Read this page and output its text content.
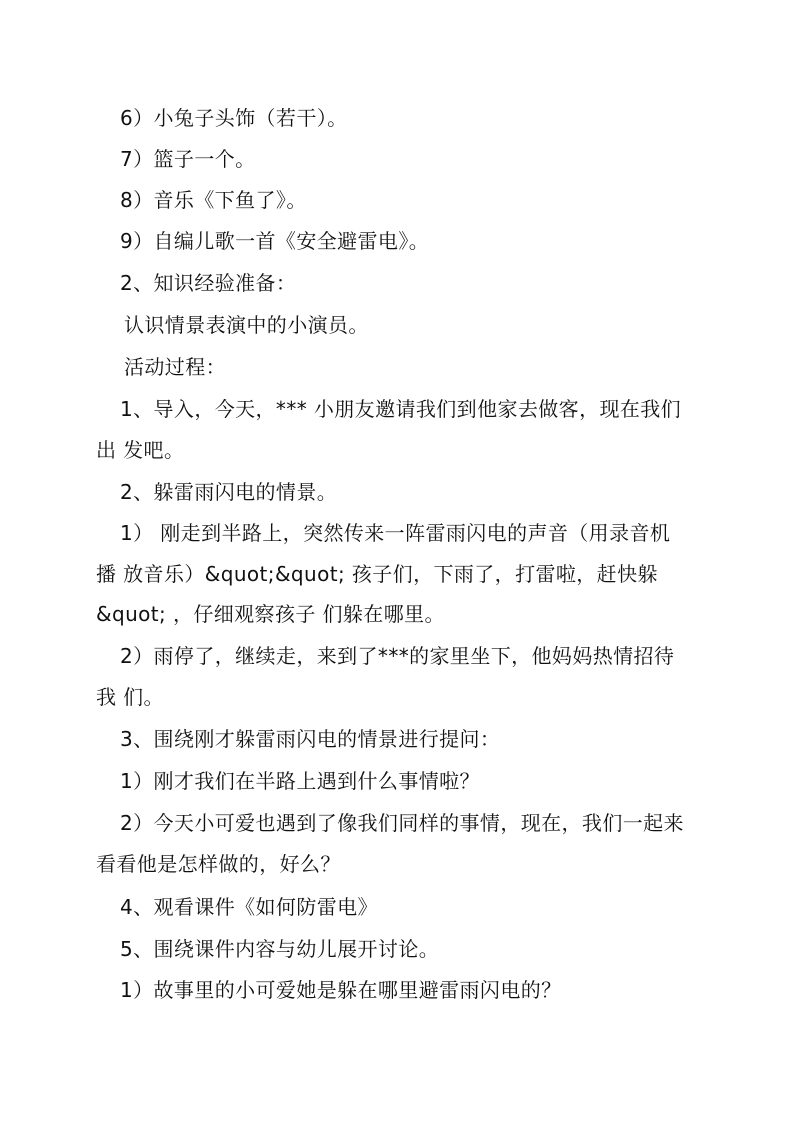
6）小兔子头饰（若干）。

7）篮子一个。

8）音乐《下鱼了》。

9）自编儿歌一首《安全避雷电》。

2、知识经验准备：

认识情景表演中的小演员。

活动过程：

1、导入，今天，*** 小朋友邀请我们到他家去做客，现在我们

出 发吧。

2、躲雷雨闪电的情景。

1） 刚走到半路上，突然传来一阵雷雨闪电的声音（用录音机

播 放音乐）&quot;&quot; 孩子们，下雨了，打雷啦，赶快躲

&quot; ，仔细观察孩子 们躲在哪里。

2）雨停了，继续走，来到了***的家里坐下，他妈妈热情招待

我 们。

3、围绕刚才躲雷雨闪电的情景进行提问：

1）刚才我们在半路上遇到什么事情啦？

2）今天小可爱也遇到了像我们同样的事情，现在，我们一起来

看看他是怎样做的，好么？

4、观看课件《如何防雷电》

5、围绕课件内容与幼儿展开讨论。

1）故事里的小可爱她是躲在哪里避雷雨闪电的？
